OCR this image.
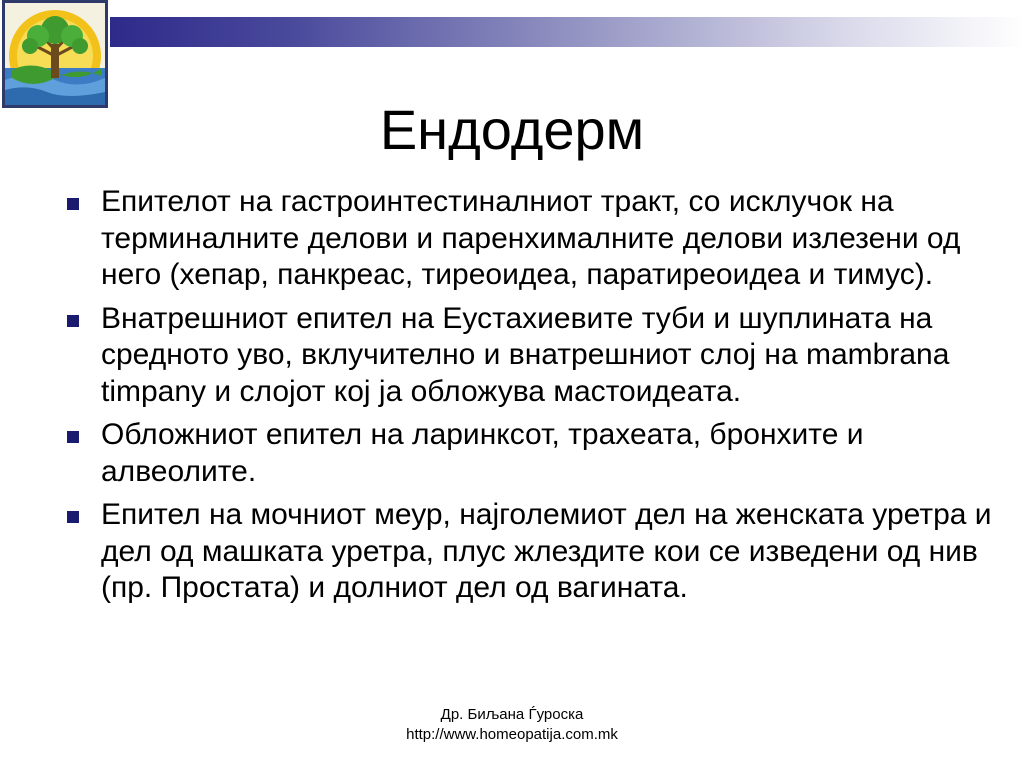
Ендодерм
Епителот на гастроинтестиналниот тракт, со исклучок на терминалните делови и паренхималните делови излезени од него (хепар, панкреас, тиреоидеа, паратиреоидеа и тимус).
Внатрешниот епител на Еустахиевите туби и шуплината на средното уво, вклучително и внатрешниот слој на mambrana timpany и слојот кој ја обложува мастоидеата.
Обложниот епител на ларинксот, трахеата, бронхите и алвеолите.
Епител на мочниот меур, најголемиот дел на женската уретра и дел од машката уретра, плус жлездите кои се изведени од нив (пр. Простата) и долниот дел од вагината.
Др. Биљана Ѓуроска
http://www.homeopatija.com.mk
